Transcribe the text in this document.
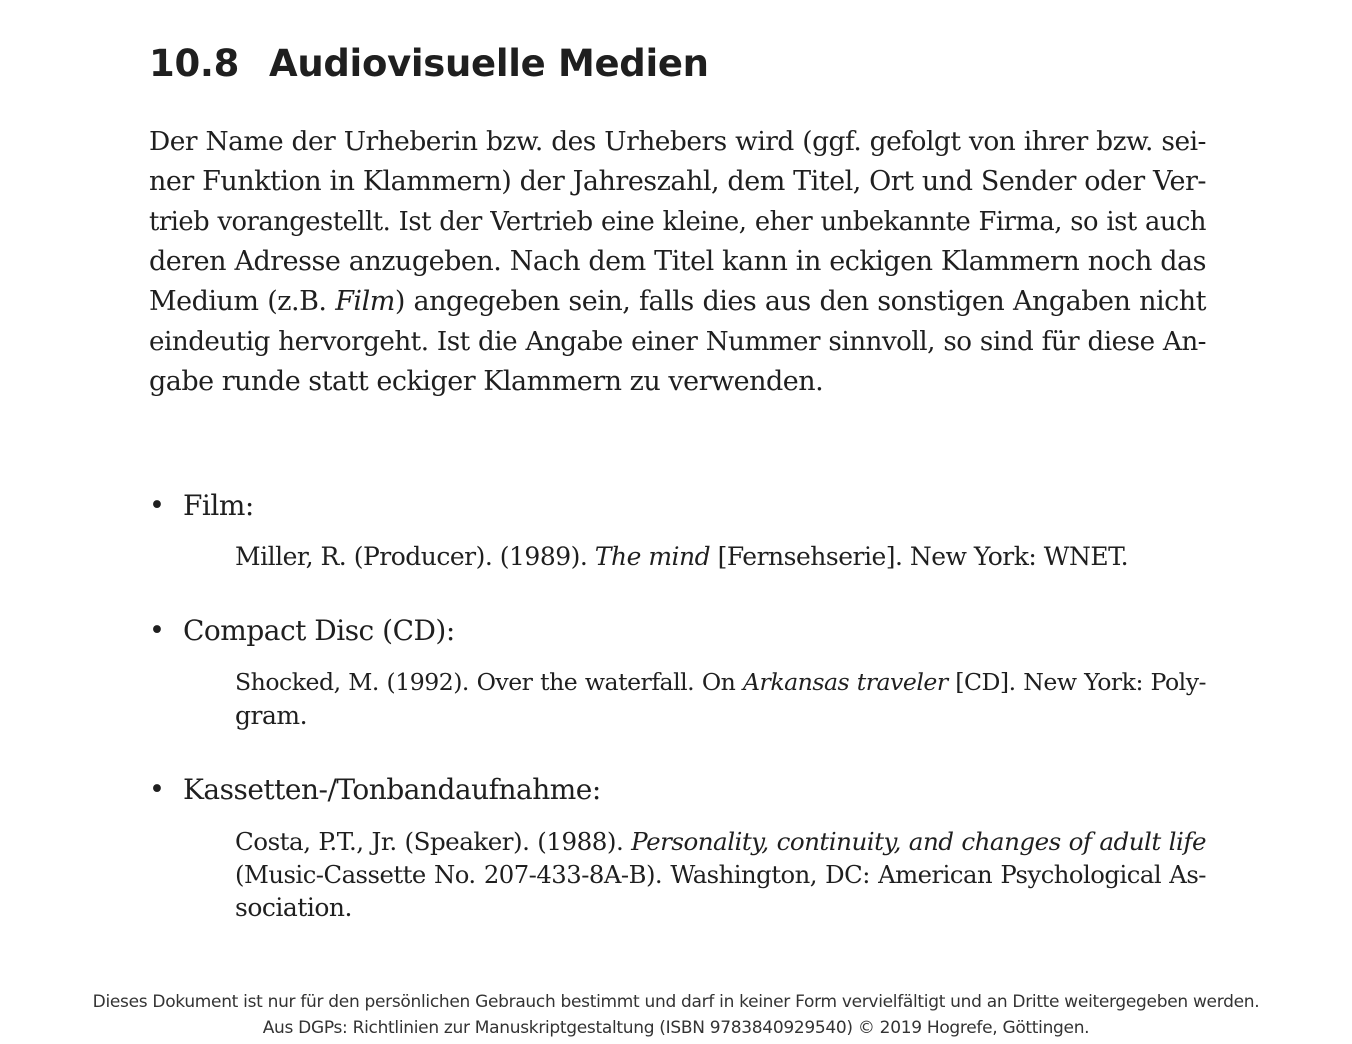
10.8 Audiovisuelle Medien
Der Name der Urheberin bzw. des Urhebers wird (ggf. gefolgt von ihrer bzw. sei-
ner Funktion in Klammern) der Jahreszahl, dem Titel, Ort und Sender oder Ver-
trieb vorangestellt. Ist der Vertrieb eine kleine, eher unbekannte Firma, so ist auch
deren Adresse anzugeben. Nach dem Titel kann in eckigen Klammern noch das
Medium (z.B. Film) angegeben sein, falls dies aus den sonstigen Angaben nicht
eindeutig hervorgeht. Ist die Angabe einer Nummer sinnvoll, so sind für diese An-
gabe runde statt eckiger Klammern zu verwenden.
• Film:
Miller, R. (Producer). (1989). The mind [Fernsehserie]. New York: WNET.
• Compact Disc (CD):
Shocked, M. (1992). Over the waterfall. On Arkansas traveler [CD]. New York: Poly-
gram.
• Kassetten-/Tonbandaufnahme:
Costa, P.T., Jr. (Speaker). (1988). Personality, continuity, and changes of adult life
(Music-Cassette No. 207-433-8A-B). Washington, DC: American Psychological As-
sociation.
Dieses Dokument ist nur für den persönlichen Gebrauch bestimmt und darf in keiner Form vervielfältigt und an Dritte weitergegeben werden.
Aus DGPs: Richtlinien zur Manuskriptgestaltung (ISBN 9783840929540) © 2019 Hogrefe, Göttingen.
